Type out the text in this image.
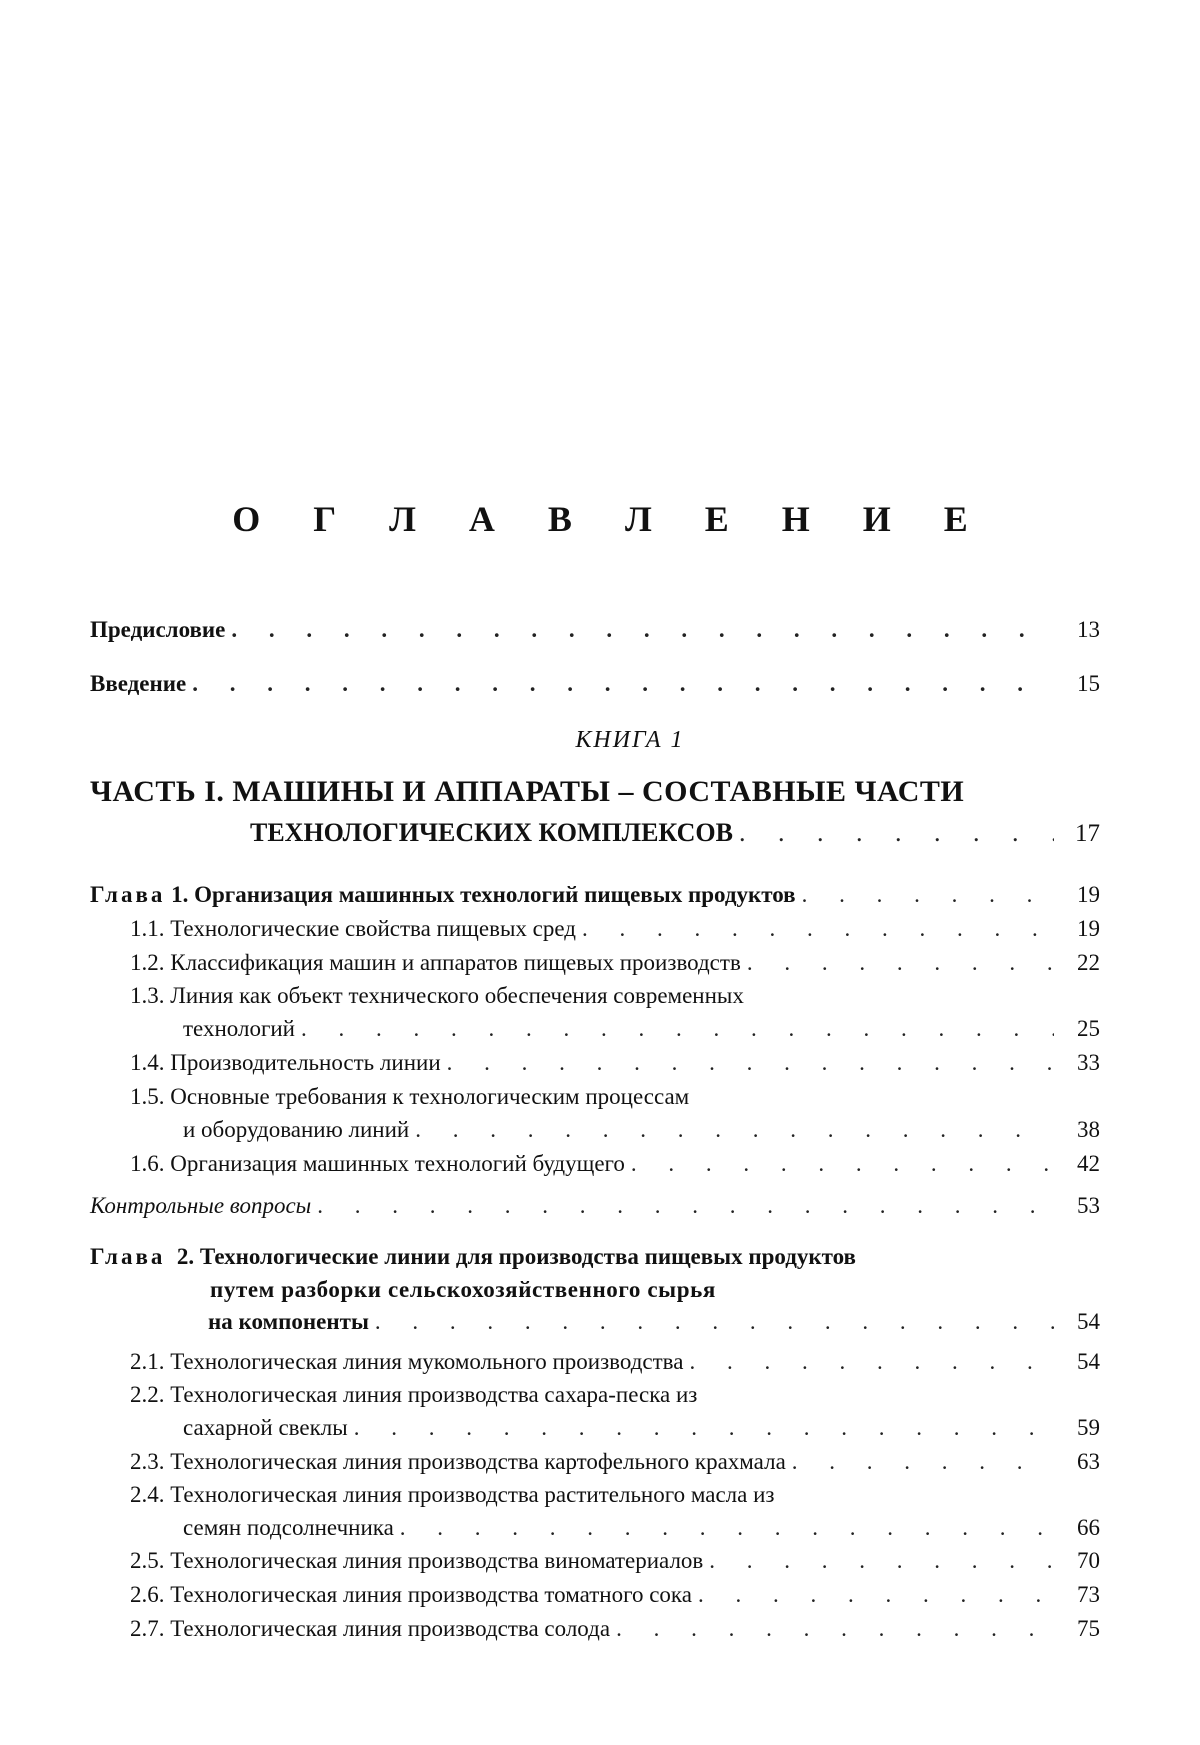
О Г Л А В Л Е Н И Е
Предисловие
. . .	13
Введение
. . .	15
КНИГА 1
ЧАСТЬ I. МАШИНЫ И АППАРАТЫ – СОСТАВНЫЕ ЧАСТИ
ТЕХНОЛОГИЧЕСКИХ КОМПЛЕКСОВ
. . .	17
Глава 1. Организация машинных технологий пищевых продуктов
. . .	19
1.1. Технологические свойства пищевых сред
. . .	19
1.2. Классификация машин и аппаратов пищевых производств
. . .	22
1.3. Линия как объект технического обеспечения современных
технологий
. . .	25
1.4. Производительность линии
. . .	33
1.5. Основные требования к технологическим процессам
и оборудованию линий
. . .	38
1.6. Организация машинных технологий будущего
. . .	42
Контрольные вопросы
. . .	53
Глава 2. Технологические линии для производства пищевых продуктов
путем разборки сельскохозяйственного сырья
на компоненты
. . .	54
2.1. Технологическая линия мукомольного производства
. . .	54
2.2. Технологическая линия производства сахара-песка из
сахарной свеклы
. . .	59
2.3. Технологическая линия производства картофельного крахмала
. . .	63
2.4. Технологическая линия производства растительного масла из
семян подсолнечника
. . .	66
2.5. Технологическая линия производства виноматериалов
. . .	70
2.6. Технологическая линия производства томатного сока
. . .	73
2.7. Технологическая линия производства солода
. . .	75
